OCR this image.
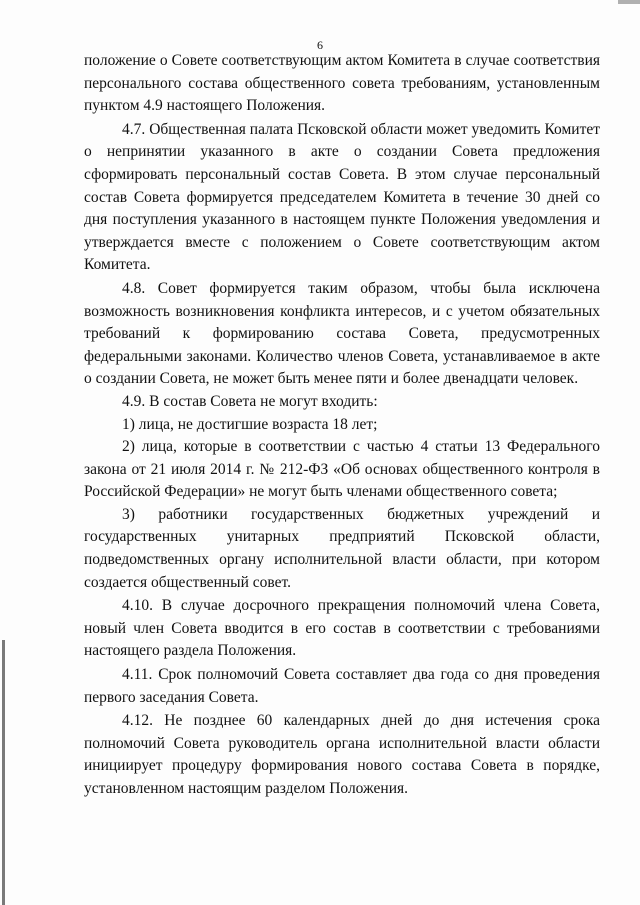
6

положение о Совете соответствующим актом Комитета в случае соответствия персонального состава общественного совета требованиям, установленным пунктом 4.9 настоящего Положения.

4.7. Общественная палата Псковской области может уведомить Комитет о непринятии указанного в акте о создании Совета предложения сформировать персональный состав Совета. В этом случае персональный состав Совета формируется председателем Комитета в течение 30 дней со дня поступления указанного в настоящем пункте Положения уведомления и утверждается вместе с положением о Совете соответствующим актом Комитета.

4.8. Совет формируется таким образом, чтобы была исключена возможность возникновения конфликта интересов, и с учетом обязательных требований к формированию состава Совета, предусмотренных федеральными законами. Количество членов Совета, устанавливаемое в акте о создании Совета, не может быть менее пяти и более двенадцати человек.

4.9. В состав Совета не могут входить:

1) лица, не достигшие возраста 18 лет;

2) лица, которые в соответствии с частью 4 статьи 13 Федерального закона от 21 июля 2014 г. № 212-ФЗ «Об основах общественного контроля в Российской Федерации» не могут быть членами общественного совета;

3) работники государственных бюджетных учреждений и государственных унитарных предприятий Псковской области, подведомственных органу исполнительной власти области, при котором создается общественный совет.

4.10. В случае досрочного прекращения полномочий члена Совета, новый член Совета вводится в его состав в соответствии с требованиями настоящего раздела Положения.

4.11. Срок полномочий Совета составляет два года со дня проведения первого заседания Совета.

4.12. Не позднее 60 календарных дней до дня истечения срока полномочий Совета руководитель органа исполнительной власти области инициирует процедуру формирования нового состава Совета в порядке, установленном настоящим разделом Положения.
